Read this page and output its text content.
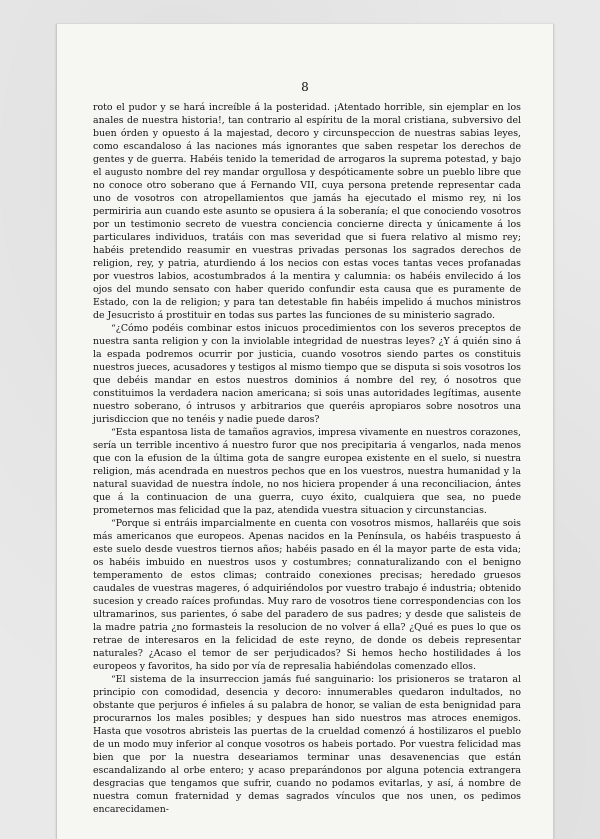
8

roto el pudor y se hará increíble á la posteridad. ¡Atentado horrible, sin ejemplar en los anales de nuestra historia!, tan contrario al espíritu de la moral cristiana, subversivo del buen órden y opuesto á la majestad, decoro y circunspeccion de nuestras sabias leyes, como escandaloso á las naciones más ignorantes que saben respetar los derechos de gentes y de guerra. Habéis tenido la temeridad de arrogaros la suprema potestad, y bajo el augusto nombre del rey mandar orgullosa y despóticamente sobre un pueblo libre que no conoce otro soberano que á Fernando VII, cuya persona pretende representar cada uno de vosotros con atropellamientos que jamás ha ejecutado el mismo rey, ni los permiriria aun cuando este asunto se opusiera á la soberanía; el que conociendo vosotros por un testimonio secreto de vuestra conciencia concierne directa y únicamente á los particulares individuos, tratáis con mas severidad que si fuera relativo al mismo rey; habéis pretendido reasumir en vuestras privadas personas los sagrados derechos de religion, rey, y patria, aturdiendo á los necios con estas voces tantas veces profanadas por vuestros labios, acostumbrados á la mentira y calumnia: os habéis envilecido á los ojos del mundo sensato con haber querido confundir esta causa que es puramente de Estado, con la de religion; y para tan detestable fin habéis impelido á muchos ministros de Jesucristo á prostituir en todas sus partes las funciones de su ministerio sagrado.

“¿Cómo podéis combinar estos inicuos procedimientos con los severos preceptos de nuestra santa religion y con la inviolable integridad de nuestras leyes? ¿Y á quién sino á la espada podremos ocurrir por justicia, cuando vosotros siendo partes os constituis nuestros jueces, acusadores y testigos al mismo tiempo que se disputa si sois vosotros los que debéis mandar en estos nuestros dominios á nombre del rey, ó nosotros que constituimos la verdadera nacion americana; si sois unas autoridades legítimas, ausente nuestro soberano, ó intrusos y arbitrarios que queréis apropiaros sobre nosotros una jurisdiccion que no tenéis y nadie puede daros?

“Esta espantosa lista de tamaños agravios, impresa vivamente en nuestros corazones, sería un terrible incentivo á nuestro furor que nos precipitaria á vengarlos, nada menos que con la efusion de la última gota de sangre europea existente en el suelo, si nuestra religion, más acendrada en nuestros pechos que en los vuestros, nuestra humanidad y la natural suavidad de nuestra índole, no nos hiciera propender á una reconciliacion, ántes que á la continuacion de una guerra, cuyo éxito, cualquiera que sea, no puede prometernos mas felicidad que la paz, atendida vuestra situacion y circunstancias.

“Porque si entráis imparcialmente en cuenta con vosotros mismos, hallaréis que sois más americanos que europeos. Apenas nacidos en la Península, os habéis traspuesto á este suelo desde vuestros tiernos años; habéis pasado en él la mayor parte de esta vida; os habéis imbuido en nuestros usos y costumbres; connaturalizando con el benigno temperamento de estos climas; contraido conexiones precisas; heredado gruesos caudales de vuestras mageres, ó adquiriéndolos por vuestro trabajo é industria; obtenido sucesion y creado raíces profundas. Muy raro de vosotros tiene correspondencias con los ultramarinos, sus parientes, ó sabe del paradero de sus padres; y desde que salisteis de la madre patria ¿no formasteis la resolucion de no volver á ella? ¿Qué es pues lo que os retrae de interesaros en la felicidad de este reyno, de donde os debeis representar naturales? ¿Acaso el temor de ser perjudicados? Si hemos hecho hostilidades á los europeos y favoritos, ha sido por vía de represalia habiéndolas comenzado ellos.

“El sistema de la insurreccion jamás fué sanguinario: los prisioneros se trataron al principio con comodidad, desencia y decoro: innumerables quedaron indultados, no obstante que perjuros é infieles á su palabra de honor, se valian de esta benignidad para procurarnos los males posibles; y despues han sido nuestros mas atroces enemigos. Hasta que vosotros abristeis las puertas de la crueldad comenzó á hostilizaros el pueblo de un modo muy inferior al conque vosotros os habeis portado. Por vuestra felicidad mas bien que por la nuestra deseariamos terminar unas desavenencias que están escandalizando al orbe entero; y acaso preparándonos por alguna potencia extrangera desgracias que tengamos que sufrir, cuando no podamos evitarlas, y así, á nombre de nuestra comun fraternidad y demas sagrados vínculos que nos unen, os pedimos encarecidamen-
